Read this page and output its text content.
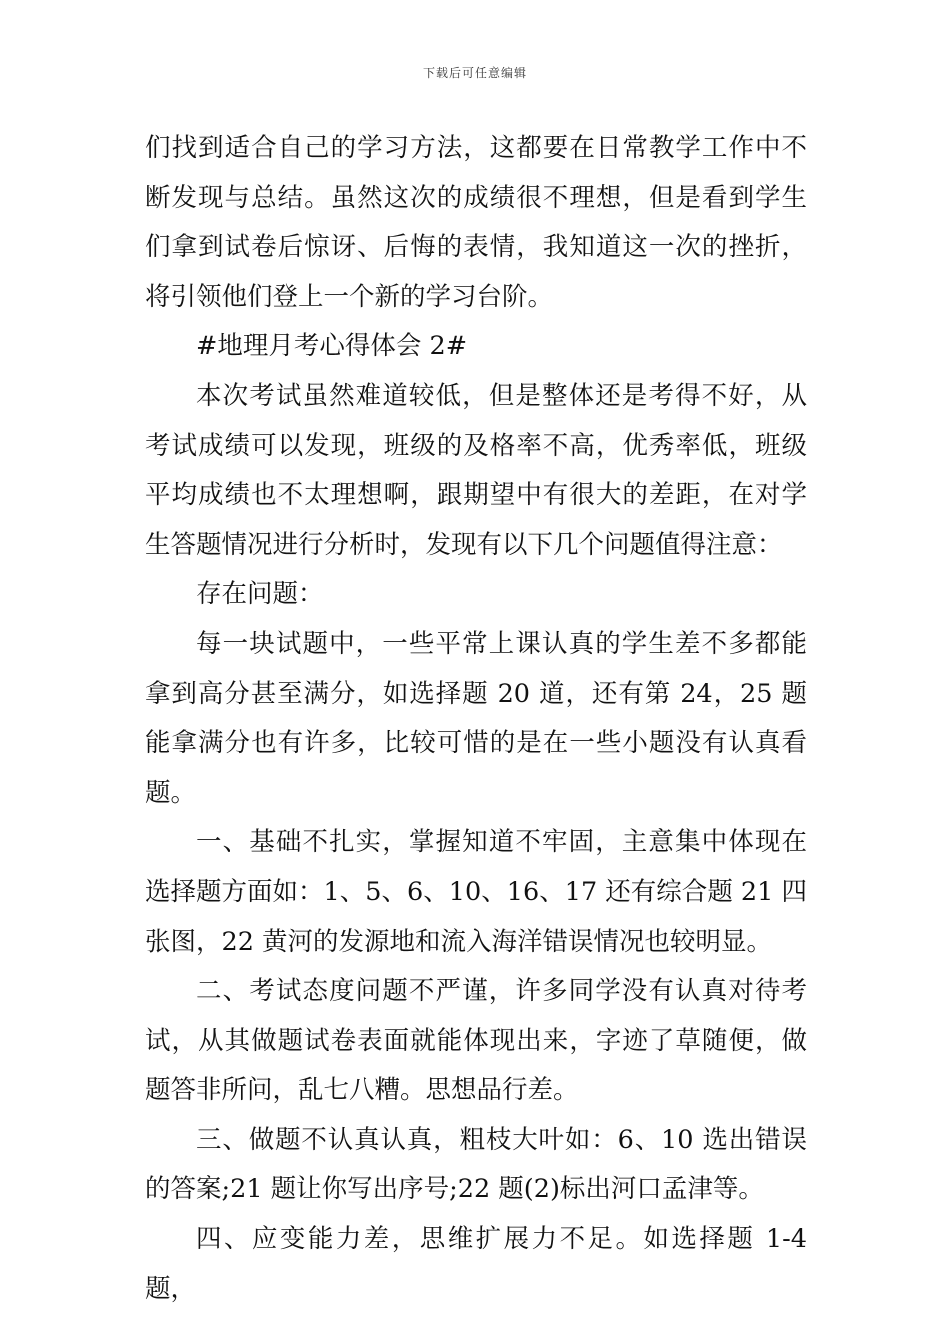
下载后可任意编辑

们找到适合自己的学习方法，这都要在日常教学工作中不断发现与总结。虽然这次的成绩很不理想，但是看到学生们拿到试卷后惊讶、后悔的表情，我知道这一次的挫折，将引领他们登上一个新的学习台阶。

#地理月考心得体会 2#

本次考试虽然难道较低，但是整体还是考得不好，从考试成绩可以发现，班级的及格率不高，优秀率低，班级平均成绩也不太理想啊，跟期望中有很大的差距，在对学生答题情况进行分析时，发现有以下几个问题值得注意：

存在问题：

每一块试题中，一些平常上课认真的学生差不多都能拿到高分甚至满分，如选择题 20 道，还有第 24，25 题能拿满分也有许多，比较可惜的是在一些小题没有认真看题。

一、基础不扎实，掌握知道不牢固，主意集中体现在选择题方面如：1、5、6、10、16、17 还有综合题 21 四张图，22 黄河的发源地和流入海洋错误情况也较明显。

二、考试态度问题不严谨，许多同学没有认真对待考试，从其做题试卷表面就能体现出来，字迹了草随便，做题答非所问，乱七八糟。思想品行差。

三、做题不认真认真，粗枝大叶如：6、10 选出错误的答案;21 题让你写出序号;22 题(2)标出河口孟津等。

四、应变能力差，思维扩展力不足。如选择题 1-4 题，
